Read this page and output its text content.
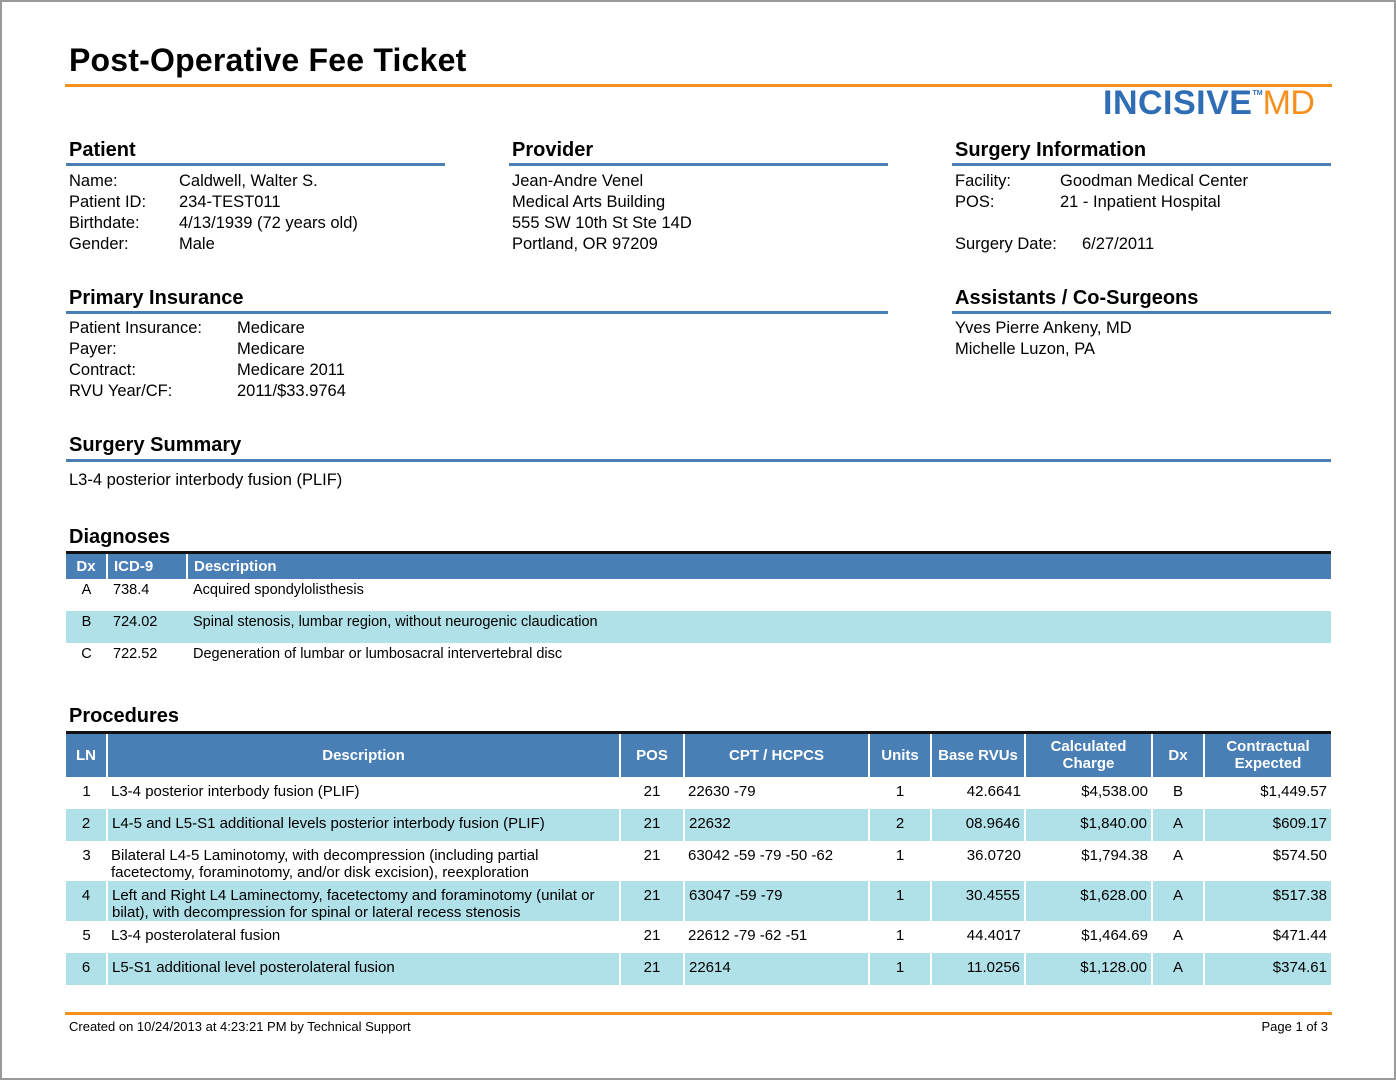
Post-Operative Fee Ticket
INCISIVE™MD
Patient
Name:	Caldwell, Walter S.
Patient ID:	234-TEST011
Birthdate:	4/13/1939 (72 years old)
Gender:	Male
Provider
Jean-Andre Venel
Medical Arts Building
555 SW 10th St Ste 14D
Portland, OR 97209
Surgery Information
Facility:	Goodman Medical Center
POS:	21 - Inpatient Hospital
Surgery Date:	6/27/2011
Primary Insurance
Patient Insurance:	Medicare
Payer:	Medicare
Contract:	Medicare 2011
RVU Year/CF:	2011/$33.9764
Assistants / Co-Surgeons
Yves Pierre Ankeny, MD
Michelle Luzon, PA
Surgery Summary
L3-4 posterior interbody fusion (PLIF)
Diagnoses
Dx	ICD-9	Description
A	738.4	Acquired spondylolisthesis
B	724.02	Spinal stenosis, lumbar region, without neurogenic claudication
C	722.52	Degeneration of lumbar or lumbosacral intervertebral disc
Procedures
LN	Description	POS	CPT / HCPCS	Units	Base RVUs	Calculated Charge	Dx	Contractual Expected
1	L3-4 posterior interbody fusion (PLIF)	21	22630 -79	1	42.6641	$4,538.00	B	$1,449.57
2	L4-5 and L5-S1 additional levels posterior interbody fusion (PLIF)	21	22632	2	08.9646	$1,840.00	A	$609.17
3	Bilateral L4-5 Laminotomy, with decompression (including partial facetectomy, foraminotomy, and/or disk excision), reexploration	21	63042 -59 -79 -50 -62	1	36.0720	$1,794.38	A	$574.50
4	Left and Right L4 Laminectomy, facetectomy and foraminotomy (unilat or bilat), with decompression for spinal or lateral recess stenosis	21	63047 -59 -79	1	30.4555	$1,628.00	A	$517.38
5	L3-4 posterolateral fusion	21	22612 -79 -62 -51	1	44.4017	$1,464.69	A	$471.44
6	L5-S1 additional level posterolateral fusion	21	22614	1	11.0256	$1,128.00	A	$374.61
Created on 10/24/2013 at 4:23:21 PM by Technical Support	Page 1 of 3
